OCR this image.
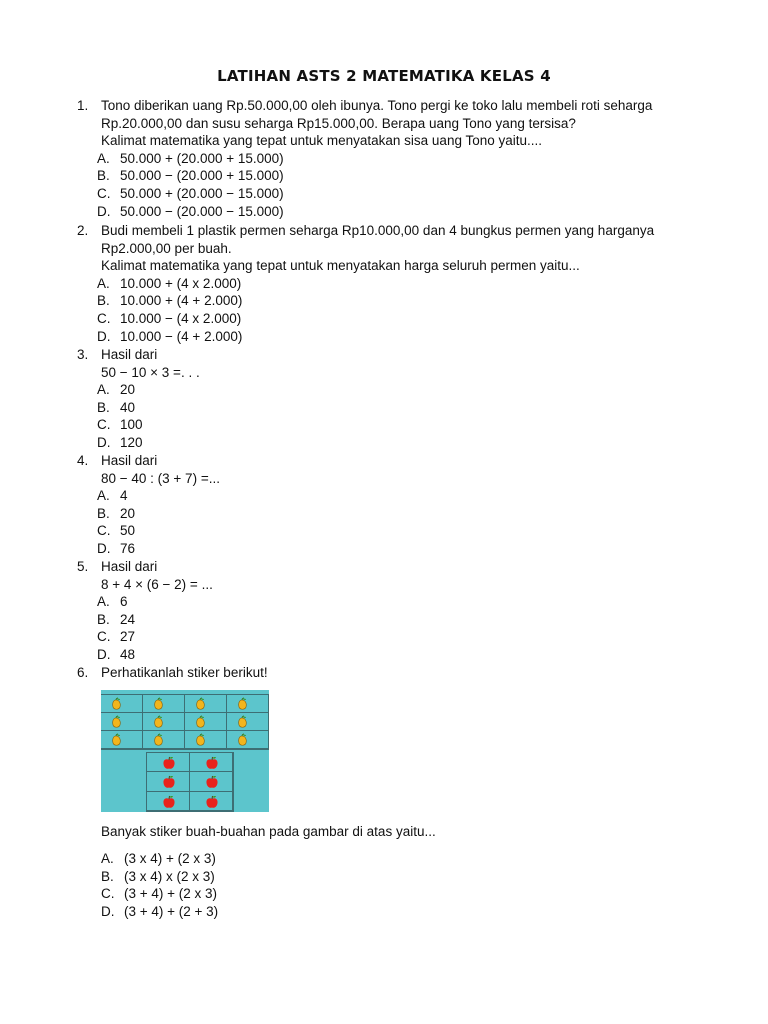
LATIHAN ASTS 2 MATEMATIKA KELAS 4
1. Tono diberikan uang Rp.50.000,00 oleh ibunya. Tono pergi ke toko lalu membeli roti seharga
Rp.20.000,00 dan susu seharga Rp15.000,00. Berapa uang Tono yang tersisa?
Kalimat matematika yang tepat untuk menyatakan sisa uang Tono yaitu....
A. 50.000 + (20.000 + 15.000)
B. 50.000 − (20.000 + 15.000)
C. 50.000 + (20.000 − 15.000)
D. 50.000 − (20.000 − 15.000)
2. Budi membeli 1 plastik permen seharga Rp10.000,00 dan 4 bungkus permen yang harganya
Rp2.000,00 per buah.
Kalimat matematika yang tepat untuk menyatakan harga seluruh permen yaitu...
A. 10.000 + (4 x 2.000)
B. 10.000 + (4 + 2.000)
C. 10.000 − (4 x 2.000)
D. 10.000 − (4 + 2.000)
3. Hasil dari
50 − 10 × 3 =. . .
A. 20
B. 40
C. 100
D. 120
4. Hasil dari
80 − 40 : (3 + 7) =...
A. 4
B. 20
C. 50
D. 76
5. Hasil dari
8 + 4 × (6 − 2) = ...
A. 6
B. 24
C. 27
D. 48
6. Perhatikanlah stiker berikut!
Banyak stiker buah-buahan pada gambar di atas yaitu...
A. (3 x 4) + (2 x 3)
B. (3 x 4) x (2 x 3)
C. (3 + 4) + (2 x 3)
D. (3 + 4) + (2 + 3)
